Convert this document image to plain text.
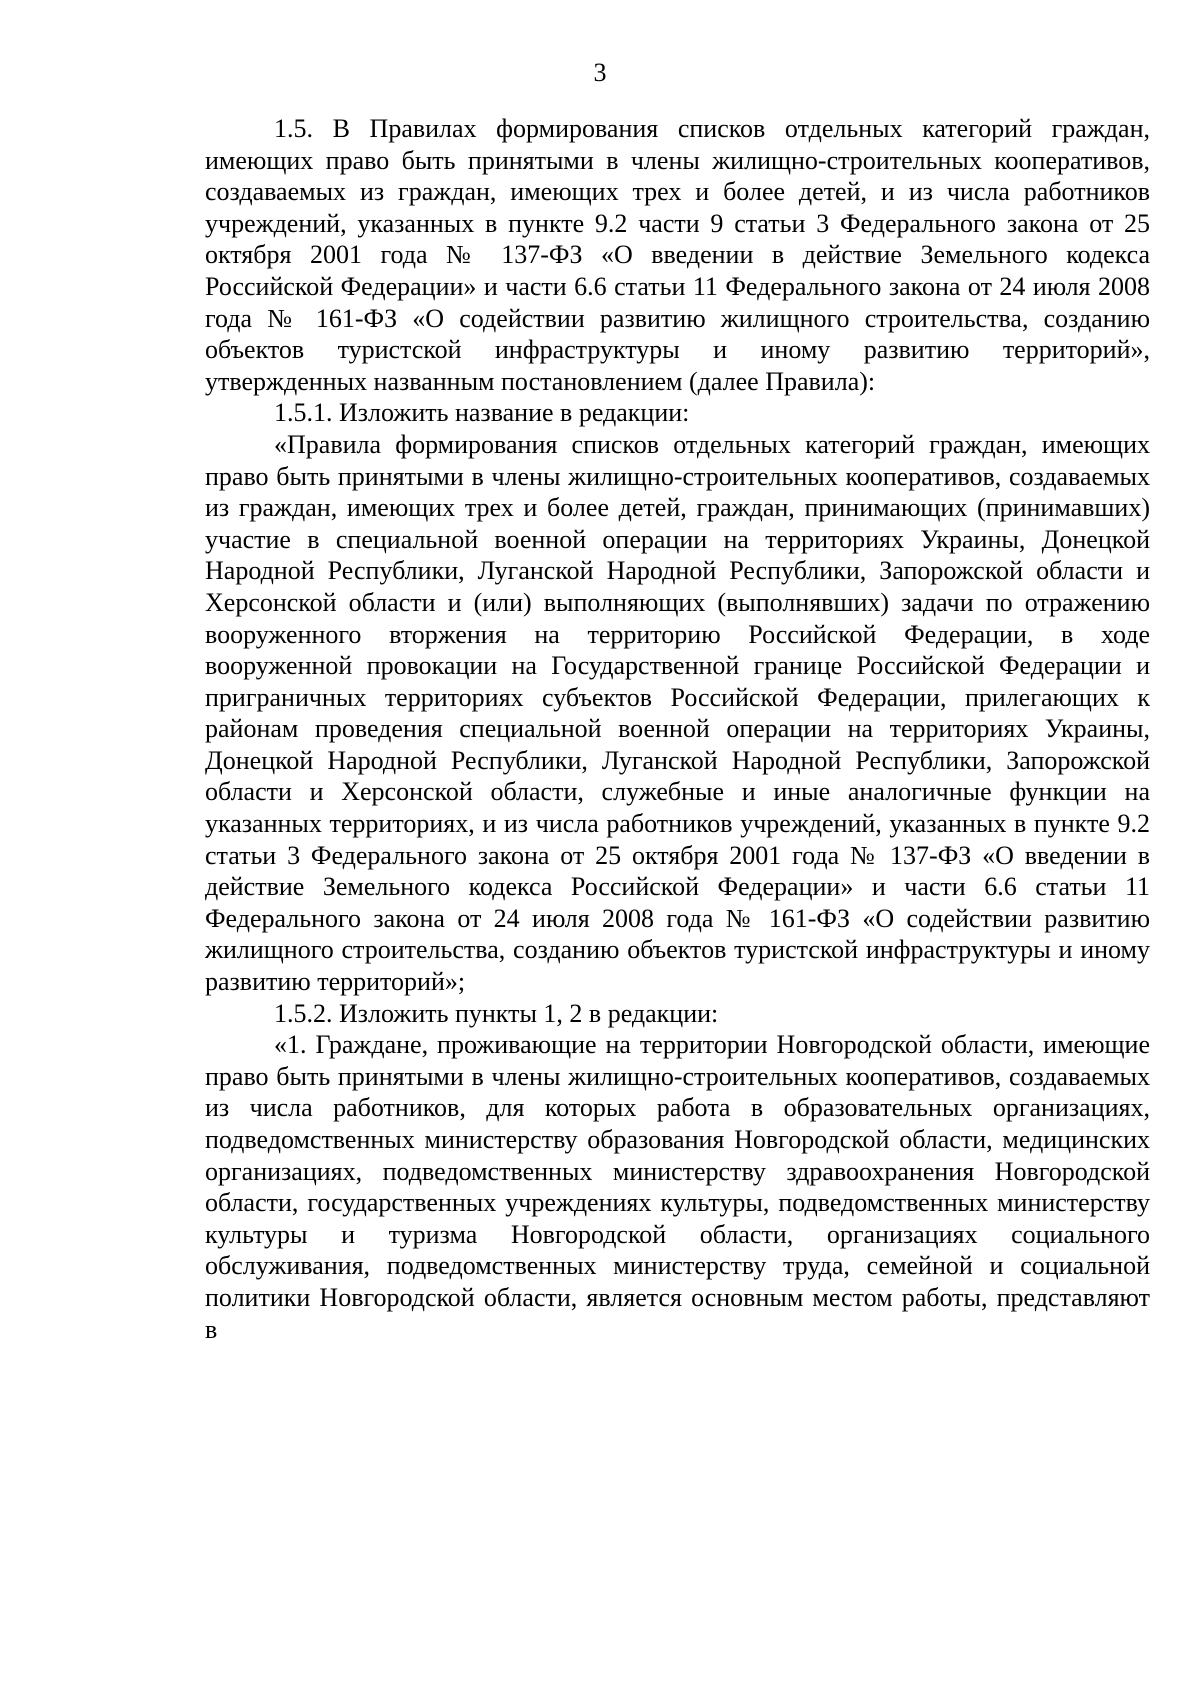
3

1.5. В Правилах формирования списков отдельных категорий граждан, имеющих право быть принятыми в члены жилищно-строительных кооперативов, создаваемых из граждан, имеющих трех и более детей, и из числа работников учреждений, указанных в пункте 9.2 части 9 статьи 3 Федерального закона от 25 октября 2001 года № 137-ФЗ «О введении в действие Земельного кодекса Российской Федерации» и части 6.6 статьи 11 Федерального закона от 24 июля 2008 года № 161-ФЗ «О содействии развитию жилищного строительства, созданию объектов туристской инфраструктуры и иному развитию территорий», утвержденных названным постановлением (далее Правила):

1.5.1. Изложить название в редакции:

«Правила формирования списков отдельных категорий граждан, имеющих право быть принятыми в члены жилищно-строительных кооперативов, создаваемых из граждан, имеющих трех и более детей, граждан, принимающих (принимавших) участие в специальной военной операции на территориях Украины, Донецкой Народной Республики, Луганской Народной Республики, Запорожской области и Херсонской области и (или) выполняющих (выполнявших) задачи по отражению вооруженного вторжения на территорию Российской Федерации, в ходе вооруженной провокации на Государственной границе Российской Федерации и приграничных территориях субъектов Российской Федерации, прилегающих к районам проведения специальной военной операции на территориях Украины, Донецкой Народной Республики, Луганской Народной Республики, Запорожской области и Херсонской области, служебные и иные аналогичные функции на указанных территориях, и из числа работников учреждений, указанных в пункте 9.2 статьи 3 Федерального закона от 25 октября 2001 года № 137-ФЗ «О введении в действие Земельного кодекса Российской Федерации» и части 6.6 статьи 11 Федерального закона от 24 июля 2008 года № 161-ФЗ «О содействии развитию жилищного строительства, созданию объектов туристской инфраструктуры и иному развитию территорий»;

1.5.2. Изложить пункты 1, 2 в редакции:

«1. Граждане, проживающие на территории Новгородской области, имеющие право быть принятыми в члены жилищно-строительных кооперативов, создаваемых из числа работников, для которых работа в образовательных организациях, подведомственных министерству образования Новгородской области, медицинских организациях, подведомственных министерству здравоохранения Новгородской области, государственных учреждениях культуры, подведомственных министерству культуры и туризма Новгородской области, организациях социального обслуживания, подведомственных министерству труда, семейной и социальной политики Новгородской области, является основным местом работы, представляют в
